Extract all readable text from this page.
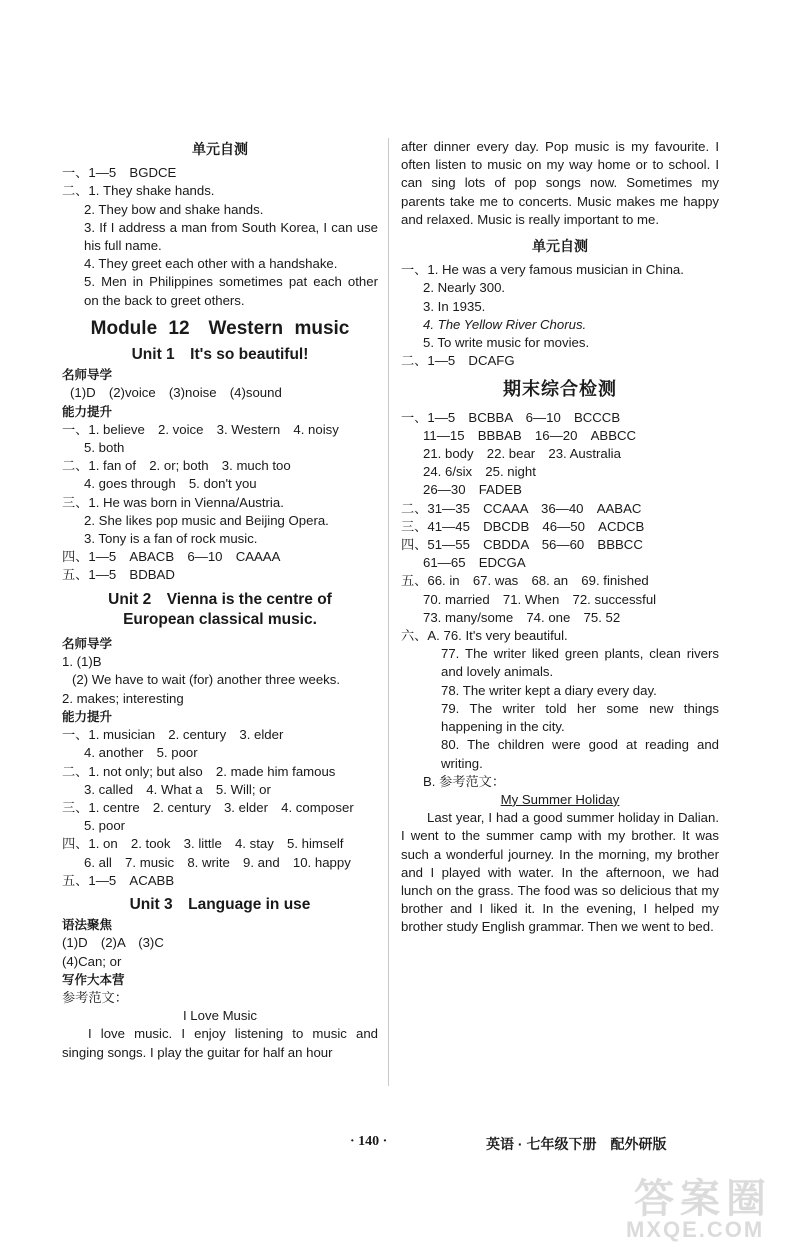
单元自测
一、1—5　BGDCE
二、1. They shake hands.
2. They bow and shake hands.
3. If I address a man from South Korea, I can use his full name.
4. They greet each other with a handshake.
5. Men in Philippines sometimes pat each other on the back to greet others.
Module 12　Western music
Unit 1　It's so beautiful!
名师导学
(1)D　(2)voice　(3)noise　(4)sound
能力提升
一、1. believe　2. voice　3. Western　4. noisy
5. both
二、1. fan of　2. or; both　3. much too
4. goes through　5. don't you
三、1. He was born in Vienna/Austria.
2. She likes pop music and Beijing Opera.
3. Tony is a fan of rock music.
四、1—5　ABACB　6—10　CAAAA
五、1—5　BDBAD
Unit 2　Vienna is the centre of
European classical music.
名师导学
1. (1)B
(2) We have to wait (for) another three weeks.
2. makes; interesting
能力提升
一、1. musician　2. century　3. elder
4. another　5. poor
二、1. not only; but also　2. made him famous
3. called　4. What a　5. Will; or
三、1. centre　2. century　3. elder　4. composer
5. poor
四、1. on　2. took　3. little　4. stay　5. himself
6. all　7. music　8. write　9. and　10. happy
五、1—5　ACABB
Unit 3　Language in use
语法聚焦
(1)D　(2)A　(3)C
(4)Can; or
写作大本营
参考范文：
I Love Music
I love music. I enjoy listening to music and singing songs. I play the guitar for half an hour
after dinner every day. Pop music is my favourite. I often listen to music on my way home or to school. I can sing lots of pop songs now. Sometimes my parents take me to concerts. Music makes me happy and relaxed. Music is really important to me.
单元自测
一、1. He was a very famous musician in China.
2. Nearly 300.
3. In 1935.
4. The Yellow River Chorus.
5. To write music for movies.
二、1—5　DCAFG
期末综合检测
一、1—5　BCBBA　6—10　BCCCB
11—15　BBBAB　16—20　ABBCC
21. body　22. bear　23. Australia
24. 6/six　25. night
26—30　FADEB
二、31—35　CCAAA　36—40　AABAC
三、41—45　DBCDB　46—50　ACDCB
四、51—55　CBDDA　56—60　BBBCC
61—65　EDCGA
五、66. in　67. was　68. an　69. finished
70. married　71. When　72. successful
73. many/some　74. one　75. 52
六、A. 76. It's very beautiful.
77. The writer liked green plants, clean rivers and lovely animals.
78. The writer kept a diary every day.
79. The writer told her some new things happening in the city.
80. The children were good at reading and writing.
B. 参考范文：
My Summer Holiday
Last year, I had a good summer holiday in Dalian. I went to the summer camp with my brother. It was such a wonderful journey. In the morning, my brother and I played with water. In the afternoon, we had lunch on the grass. The food was so delicious that my brother and I liked it. In the evening, I helped my brother study English grammar. Then we went to bed.
· 140 ·	英语 · 七年级下册　配外研版
答案圈
MXQE.COM
